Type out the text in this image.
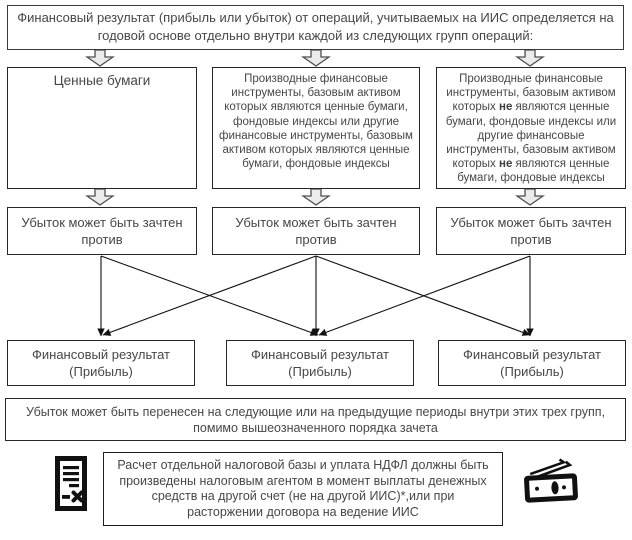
Финансовый результат (прибыль или убыток) от операций, учитываемых на ИИС определяется на годовой основе отдельно внутри каждой из следующих групп операций:
Ценные бумаги	Производные финансовые инструменты, базовым активом которых являются ценные бумаги, фондовые индексы или другие финансовые инструменты, базовым активом которых являются ценные бумаги, фондовые индексы
Производные финансовые инструменты, базовым активом которых не являются ценные бумаги, фондовые индексы или другие финансовые инструменты, базовым активом которых не являются ценные бумаги, фондовые индексы
Убыток может быть зачтен против
Убыток может быть зачтен против
Убыток может быть зачтен против
Финансовый результат (Прибыль)
Финансовый результат (Прибыль)
Финансовый результат (Прибыль)
Убыток может быть перенесен на следующие или на предыдущие периоды внутри этих трех групп, помимо вышеозначенного порядка зачета
Расчет отдельной налоговой базы и уплата НДФЛ должны быть произведены налоговым агентом в момент выплаты денежных средств на другой счет (не на другой ИИС)*,или при расторжении договора на ведение ИИС
